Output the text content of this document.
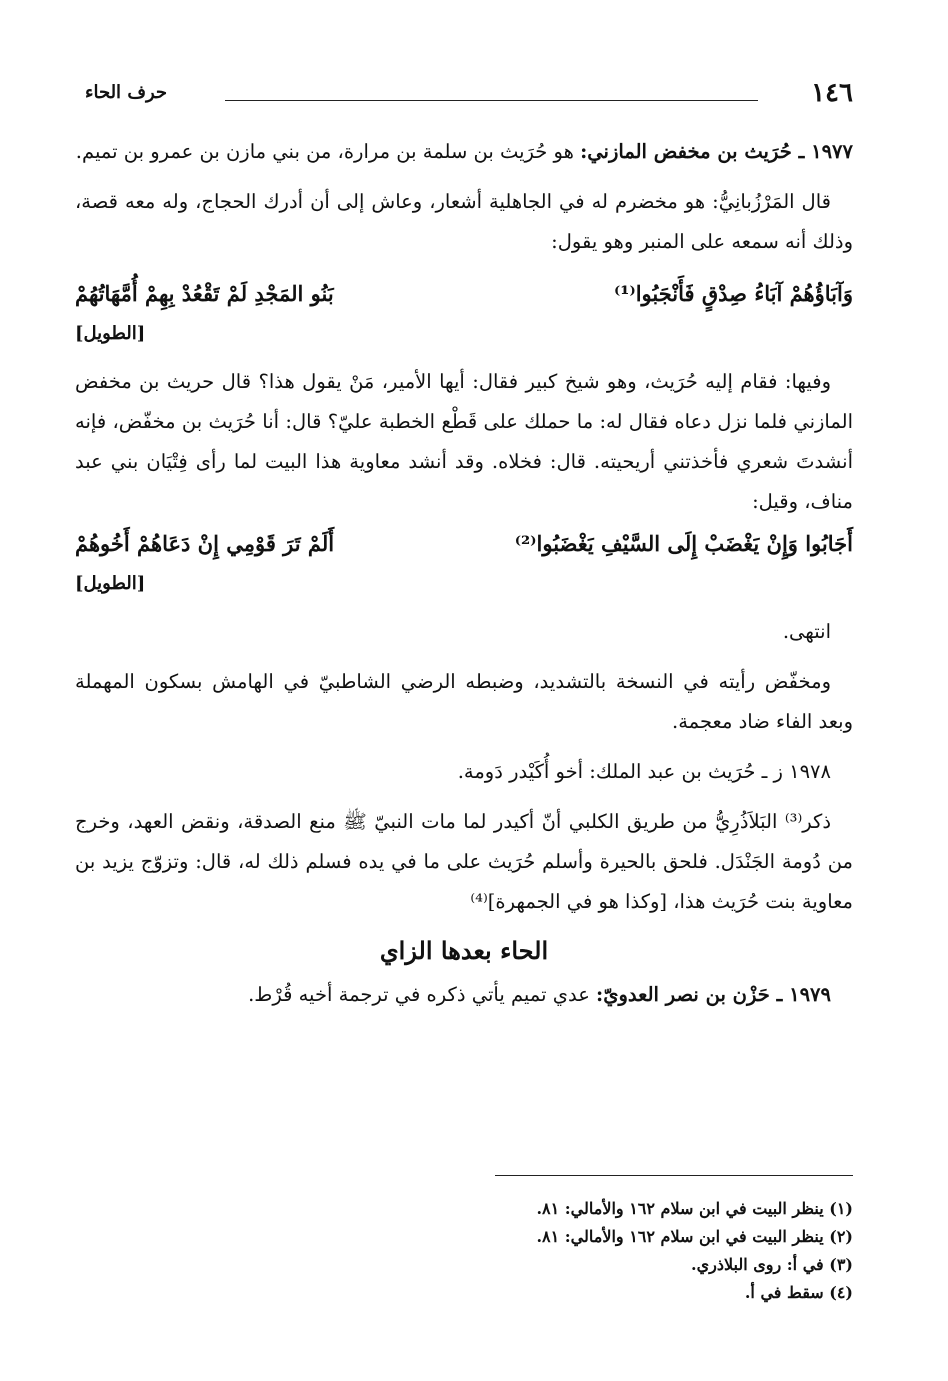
١٤٦
حرف الحاء

١٩٧٧ ـ حُرَيث بن مخفض المازني: هو حُرَيث بن سلمة بن مرارة، من بني مازن بن عمرو بن تميم.

قال المَرْزُبانِيُّ: هو مخضرم له في الجاهلية أشعار، وعاش إلى أن أدرك الحجاج، وله معه قصة، وذلك أنه سمعه على المنبر وهو يقول:

وَآبَاؤُهُمْ آبَاءُ صِدْقٍ فَأَنْجَبُوا⁽¹⁾
بَنُو المَجْدِ لَمْ تَقْعُدْ بِهِمْ أُمَّهَاتُهُمْ
[الطويل]

وفيها: فقام إليه حُرَيث، وهو شيخ كبير فقال: أيها الأمير، مَنْ يقول هذا؟ قال حريث بن مخفض المازني فلما نزل دعاه فقال له: ما حملك على قَطْع الخطبة عليّ؟ قال: أنا حُرَيث بن مخفّض، فإنه أنشدتَ شعري فأخذتني أريحيته. قال: فخلاه. وقد أنشد معاوية هذا البيت لما رأى فِتْيَان بني عبد مناف، وقيل:

أَجَابُوا وَإِنْ يَغْضَبْ إِلَى السَّيْفِ يَغْضَبُوا⁽²⁾
أَلَمْ تَرَ قَوْمِي إِنْ دَعَاهُمْ أَخُوهُمْ
[الطويل]

انتهى.

ومخفّض رأيته في النسخة بالتشديد، وضبطه الرضي الشاطبيّ في الهامش بسكون المهملة وبعد الفاء ضاد معجمة.

١٩٧٨ ز ـ حُرَيث بن عبد الملك: أخو أُكَيْدر دَومة.

ذكر⁽³⁾ البَلاَذُرِيُّ من طريق الكلبي أنّ أكيدر لما مات النبيّ ﷺ منع الصدقة، ونقض العهد، وخرج من دُومة الجَنْدَل. فلحق بالحيرة وأسلم حُرَيث على ما في يده فسلم ذلك له، قال: وتزوّج يزيد بن معاوية بنت حُرَيث هذا، [وكذا هو في الجمهرة]⁽⁴⁾

الحاء بعدها الزاي

١٩٧٩ ـ حَزْن بن نصر العدويّ: عدي تميم يأتي ذكره في ترجمة أخيه قُرْط.

(١) ينظر البيت في ابن سلام ١٦٢ والأمالي: ٨١.
(٢) ينظر البيت في ابن سلام ١٦٢ والأمالي: ٨١.
(٣) في أ: روى البلاذري.
(٤) سقط في أ.
